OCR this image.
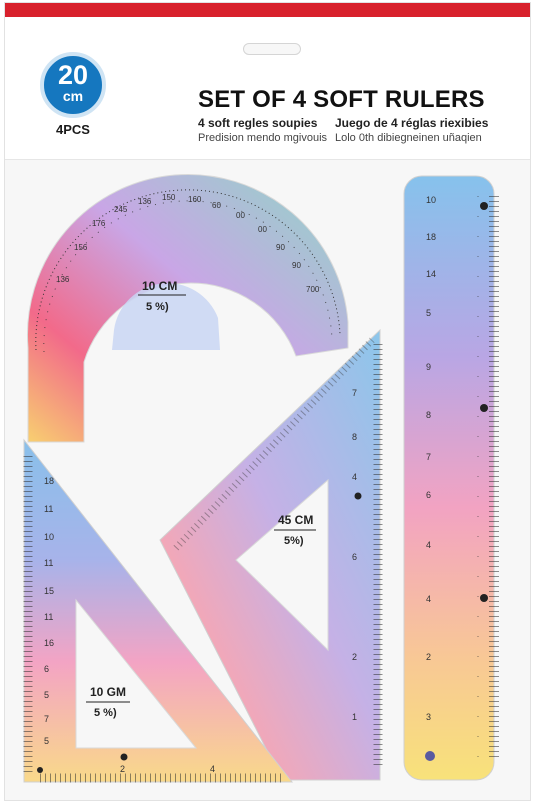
20
cm
4PCS
SET OF 4 SOFT RULERS
4 soft regles soupies Juego de 4 réglas riexibies
Predision mendo mgivouis Lolo 0th dibiegneinen uñaqien
10 CM
5 %)
136
156
176
245
136 150 160
60
00
00
90
90
700
10
18
14
5
9
8
7
6
4
4
2
3
45 CM
5%)
7
8
4
6
2
1
10 GM
5 %)
18
11
10
11
15
11
16
6
5
7
5
2	4
